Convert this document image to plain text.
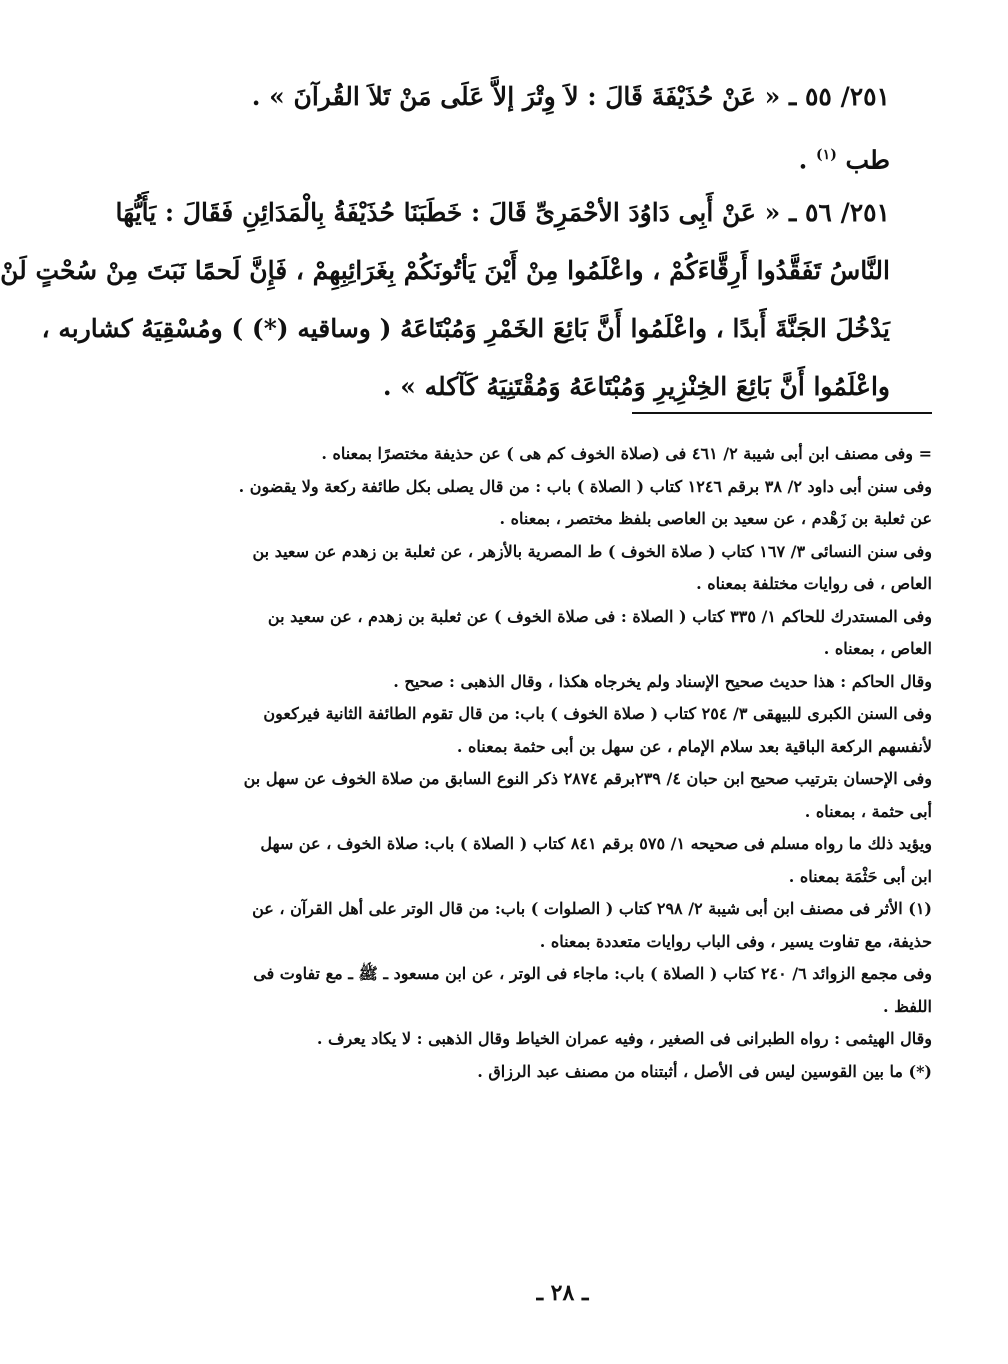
٢٥١/ ٥٥ ـ « عَنْ حُذَيْفَةَ قَالَ : لاَ وِتْرَ إلاَّ عَلَى مَنْ تَلاَ القُرآنَ » .
طب $^{(١)}$ .
٢٥١/ ٥٦ ـ « عَنْ أَبِى دَاوُدَ الأحْمَرِىِّ قَالَ : خَطَبَنَا حُذَيْفَةُ بِالْمَدَائِنِ فَقَالَ : يَأَيُّهَا
النَّاسُ تَفَقَّدُوا أَرِقَّاءَكُمْ ، واعْلَمُوا مِنْ أَيْنَ يَأتُونَكُمْ بِغَرَائِبِهِمْ ، فَإِنَّ لَحمًا نَبَتَ مِنْ سُحْتٍ لَنْ
يَدْخُلَ الجَنَّةَ أَبدًا ، واعْلَمُوا أَنَّ بَائِعَ الخَمْرِ وَمُبْتَاعَهُ ( وساقيه (*) ) ومُسْقِيَهُ كشاربه ،
واعْلَمُوا أَنَّ بَائِعَ الخِنْزِيرِ وَمُبْتَاعَهُ وَمُقْتَنِيَهُ كَآكله » .
= وفى مصنف ابن أبى شيبة ٢/ ٤٦١ فى (صلاة الخوف كم هى ) عن حذيفة مختصرًا بمعناه .
وفى سنن أبى داود ٢/ ٣٨ برقم ١٢٤٦ كتاب ( الصلاة ) باب : من قال يصلى بكل طائفة ركعة ولا يقضون .
عن ثعلبة بن زَهْدم ، عن سعيد بن العاصى بلفظ مختصر ، بمعناه .
وفى سنن النسائى ٣/ ١٦٧ كتاب ( صلاة الخوف ) ط المصرية بالأزهر ، عن ثعلبة بن زهدم عن سعيد بن
العاص ، فى روايات مختلفة بمعناه .
وفى المستدرك للحاكم ١/ ٣٣٥ كتاب ( الصلاة : فى صلاة الخوف ) عن ثعلبة بن زهدم ، عن سعيد بن
العاص ، بمعناه .
وقال الحاكم : هذا حديث صحيح الإسناد ولم يخرجاه هكذا ، وقال الذهبى : صحيح .
وفى السنن الكبرى للبيهقى ٣/ ٢٥٤ كتاب ( صلاة الخوف ) باب: من قال تقوم الطائفة الثانية فيركعون
لأنفسهم الركعة الباقية بعد سلام الإمام ، عن سهل بن أبى حثمة بمعناه .
وفى الإحسان بترتيب صحيح ابن حبان ٤/ ٢٣٩برقم ٢٨٧٤ ذكر النوع السابق من صلاة الخوف عن سهل بن
أبى حثمة ، بمعناه .
ويؤيد ذلك ما رواه مسلم فى صحيحه ١/ ٥٧٥ برقم ٨٤١ كتاب ( الصلاة ) باب: صلاة الخوف ، عن سهل
ابن أبى حَثْمَة بمعناه .
(١) الأثر فى مصنف ابن أبى شيبة ٢/ ٢٩٨ كتاب ( الصلوات ) باب: من قال الوتر على أهل القرآن ، عن
حذيفة، مع تفاوت يسير ، وفى الباب روايات متعددة بمعناه .
وفى مجمع الزوائد ٦/ ٢٤٠ كتاب ( الصلاة ) باب: ماجاء فى الوتر ، عن ابن مسعود ـ ﷺ ـ مع تفاوت فى
اللفظ .
وقال الهيثمى : رواه الطبرانى فى الصغير ، وفيه عمران الخياط وقال الذهبى : لا يكاد يعرف .
(*) ما بين القوسين ليس فى الأصل ، أثبتناه من مصنف عبد الرزاق .
ـ ٢٨ ـ
